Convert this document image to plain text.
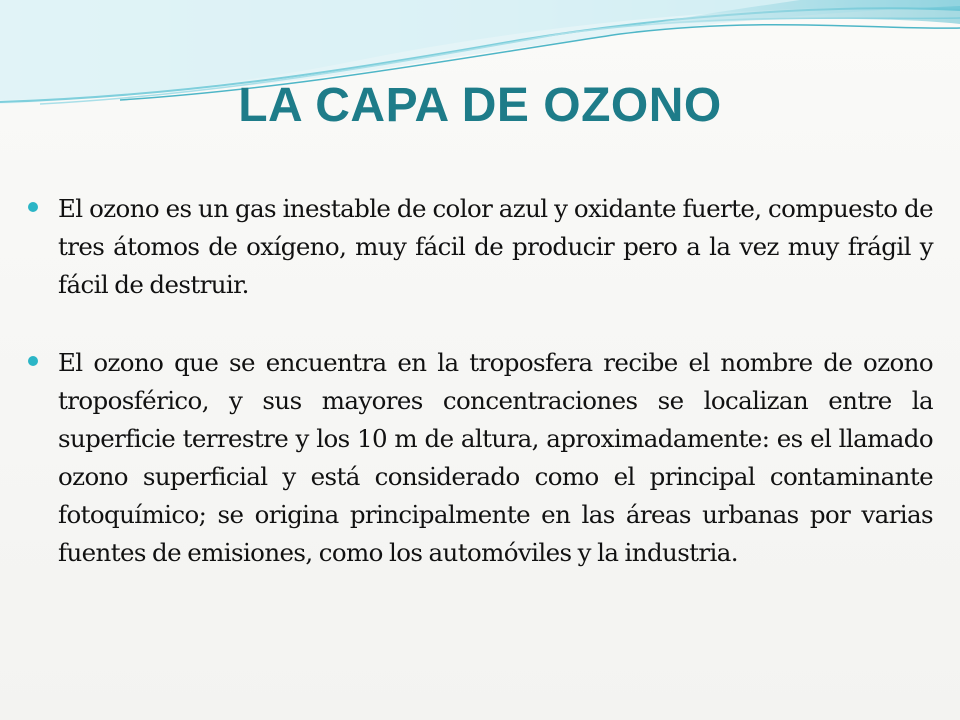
LA CAPA DE OZONO
El ozono es un gas inestable de color azul y oxidante fuerte, compuesto de tres átomos de oxígeno, muy fácil de producir pero a la vez muy frágil y fácil de destruir.
El ozono que se encuentra en la troposfera recibe el nombre de ozono troposférico, y sus mayores concentraciones se localizan entre la superficie terrestre y los 10 m de altura, aproximadamente: es el llamado ozono superficial y está considerado como el principal contaminante fotoquímico; se origina principalmente en las áreas urbanas por varias fuentes de emisiones, como los automóviles y la industria.
